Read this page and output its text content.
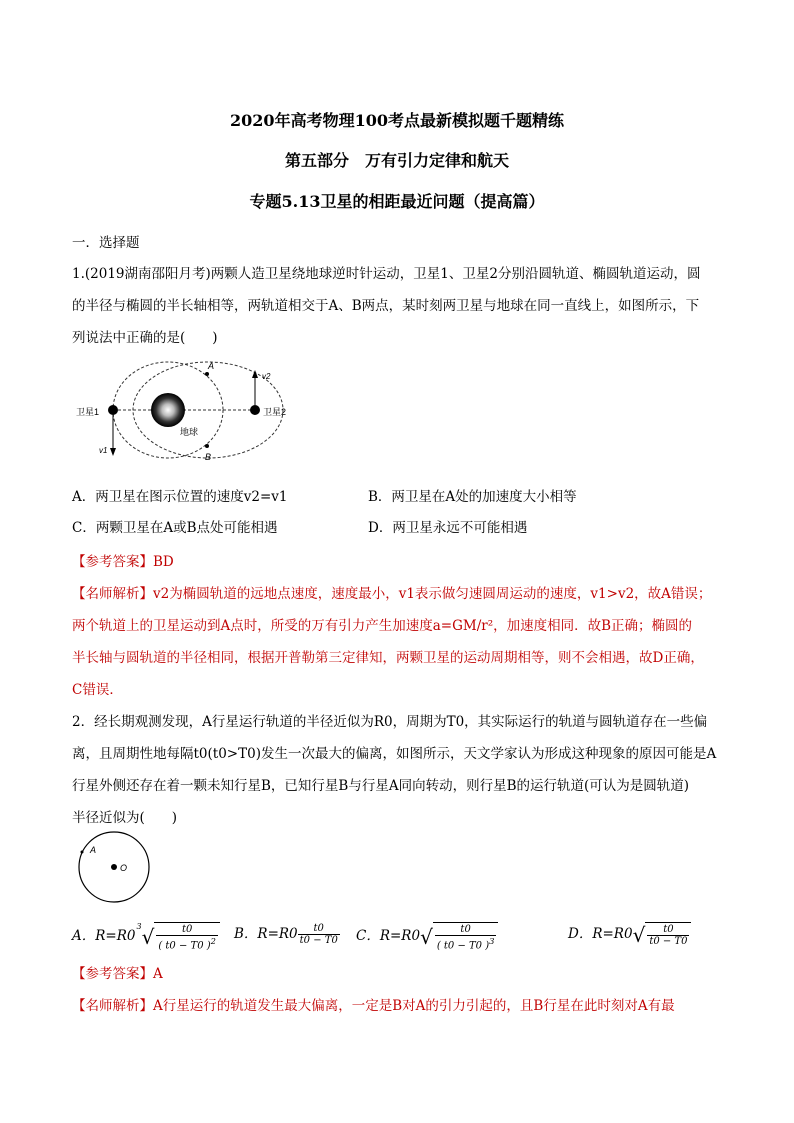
2020年高考物理100考点最新模拟题千题精练
第五部分　万有引力定律和航天
专题5.13卫星的相距最近问题（提高篇）
一．选择题
1.(2019湖南邵阳月考)两颗人造卫星绕地球逆时针运动，卫星1、卫星2分别沿圆轨道、椭圆轨道运动，圆
的半径与椭圆的半长轴相等，两轨道相交于A、B两点，某时刻两卫星与地球在同一直线上，如图所示，下
列说法中正确的是(　　)
卫星1	卫星2
地球
A
B
v2
v1
A．两卫星在图示位置的速度v2=v1	B．两卫星在A处的加速度大小相等
C．两颗卫星在A或B点处可能相遇	D．两卫星永远不可能相遇
【参考答案】BD
【名师解析】v2为椭圆轨道的远地点速度，速度最小，v1表示做匀速圆周运动的速度，v1>v2，故A错误；
两个轨道上的卫星运动到A点时，所受的万有引力产生加速度a=GM/r²，加速度相同．故B正确；椭圆的
半长轴与圆轨道的半径相同，根据开普勒第三定律知，两颗卫星的运动周期相等，则不会相遇，故D正确，
C错误．
2．经长期观测发现，A行星运行轨道的半径近似为R0，周期为T0，其实际运行的轨道与圆轨道存在一些偏
离，且周期性地每隔t0(t0>T0)发生一次最大的偏离，如图所示，天文学家认为形成这种现象的原因可能是A
行星外侧还存在着一颗未知行星B，已知行星B与行星A同向转动，则行星B的运行轨道(可认为是圆轨道)
半径近似为(　　)
A
O
A．$R=R0^3√ \frac{t0}{( t0 - T0 )^2}$ B．$R=R0 \frac{t0}{t0 - T0}$ C．$R=R0√ \frac{t0}{( t0 - T0 )^3}$	D．$R=R0√ \frac{t0}{t0 - T0}$
【参考答案】A
【名师解析】A行星运行的轨道发生最大偏离，一定是B对A的引力引起的，且B行星在此时刻对A有最
